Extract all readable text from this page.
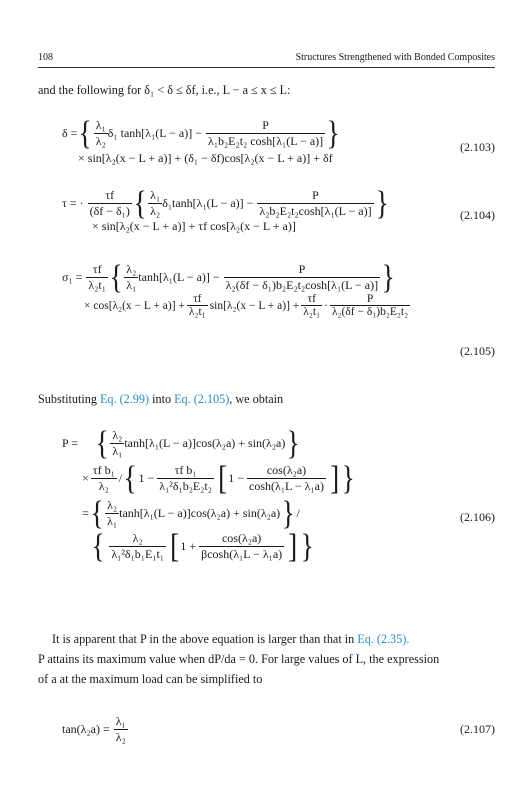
108	Structures Strengthened with Bonded Composites
and the following for δ₁ < δ ≤ δf, i.e., L − a ≤ x ≤ L:
δ = { $\frac{\text{λ₁}}{\text{λ₂}} \delta_1$ $\tanh[\lambda_1(L - a)] - \frac{P}{\text{λ₁b₂E₂t₂ cosh[λ₁(L − a)]}}$ }
× sin[λ₂(x − L + a)] + (δ₁ − δf)cos[λ₂(x − L + a)] + δf
(2.103)
τ = · $\frac{\tau f}{\text{(δf − δ₁)}}$ { $\frac{\text{λ₁}}{\text{λ₂}} \delta_1\tanh[\lambda_1(L - a)] - \frac{P}{\text{λ₂b₂E₂t₂cosh[λ₁(L − a)]}}$ }
× sin[λ₂(x − L + a)] + τf cos[λ₂(x − L + a)]
(2.104)
$\sigma_1 = \frac{\tau f}{\text{λ₂t₁}}$ { $\frac{\text{λ₂}}{\text{λ₁}} \tanh[\lambda_1(L - a)] - \frac{P}{\text{λ₂(δf − δ₁)b₂E₂t₂cosh[λ₁(L − a)]}}$ }
× $\cos[\lambda_2(x - L + a)] + \frac{\tau f}{\text{λ₂t₁}} \sin[\lambda_2(x - L + a)] + \frac{\tau f}{\text{λ₂t₁}} \cdot \frac{P}{\text{λ₂(δf − δ₁)b₂E₂t₂}}$
(2.105)
Substituting Eq. (2.99) into Eq. (2.105), we obtain
P = { $\frac{\text{λ₂}}{\text{λ₁}} \tanh[\lambda_1(L - a)]\cos(\lambda_2a) + \sin(\lambda_2a)$ }
× $\frac{\text{τf b₁}}{\text{λ₂}}$ / { $1 - \frac{\text{τf b₁}}{\text{λ₁²δ₁b₂E₂t₂}}$ [ $1 - \frac{\text{cos(λ₂a)}}{\text{cosh(λ₁L − λ₁a)}}$ ] }
= { $\frac{\text{λ₂}}{\text{λ₁}} \tanh[\lambda_1(L - a)]\cos(\lambda_2a) + \sin(\lambda_2a)$ } /
{ $\frac{\text{λ₂}}{\text{λ₁²δ₁b₁E₁t₁}}$ [ $1 + \frac{\text{cos(λ₂a)}}{\text{βcosh(λ₁L − λ₁a)}}$ ] }
(2.106)
It is apparent that P in the above equation is larger than that in Eq. (2.35).
P attains its maximum value when dP/da = 0. For large values of L, the expression
of a at the maximum load can be simplified to
$\tan(\lambda_2a) = \frac{\text{λ₁}}{\text{λ₂}}$	(2.107)
